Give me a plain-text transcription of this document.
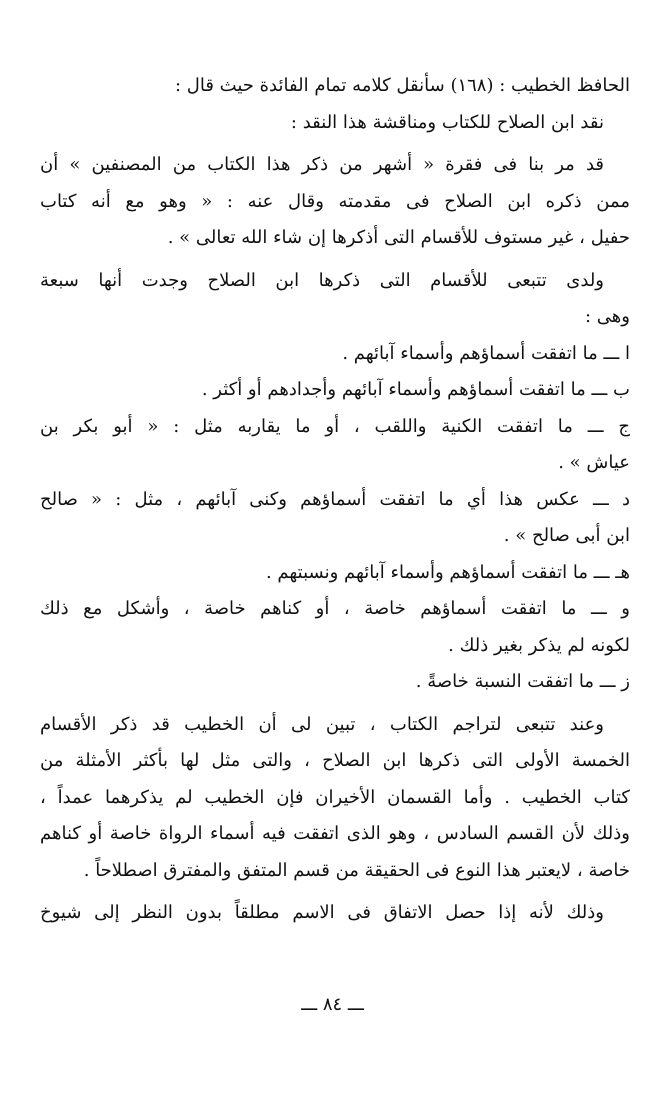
الحافظ الخطيب : (١٦٨) سأنقل كلامه تمام الفائدة حيث قال :
نقد ابن الصلاح للكتاب ومناقشة هذا النقد :
قد مر بنا فى فقرة « أشهر من ذكر هذا الكتاب من المصنفين » أن
ممن ذكره ابن الصلاح فى مقدمته وقال عنه : « وهو مع أنه كتاب
حفيل ، غير مستوف للأقسام التى أذكرها إن شاء الله تعالى » .
ولدى تتبعى للأقسام التى ذكرها ابن الصلاح وجدت أنها سبعة
وهى :
ا ـــ ما اتفقت أسماؤهم وأسماء آبائهم .
ب ـــ ما اتفقت أسماؤهم وأسماء آبائهم وأجدادهم أو أكثر .
ج ـــ ما اتفقت الكنية واللقب ، أو ما يقاربه مثل : « أبو بكر بن
عياش » .
د ـــ عكس هذا أي ما اتفقت أسماؤهم وكنى آبائهم ، مثل : « صالح
ابن أبى صالح » .
هـ ـــ ما اتفقت أسماؤهم وأسماء آبائهم ونسبتهم .
و ـــ ما اتفقت أسماؤهم خاصة ، أو كناهم خاصة ، وأشكل مع ذلك
لكونه لم يذكر بغير ذلك .
ز ـــ ما اتفقت النسبة خاصةً .
وعند تتبعى لتراجم الكتاب ، تبين لى أن الخطيب قد ذكر الأقسام
الخمسة الأولى التى ذكرها ابن الصلاح ، والتى مثل لها بأكثر الأمثلة من
كتاب الخطيب . وأما القسمان الأخيران فإن الخطيب لم يذكرهما عمداً ،
وذلك لأن القسم السادس ، وهو الذى اتفقت فيه أسماء الرواة خاصة أو كناهم
خاصة ، لايعتبر هذا النوع فى الحقيقة من قسم المتفق والمفترق اصطلاحاً .
وذلك لأنه إذا حصل الاتفاق فى الاسم مطلقاً بدون النظر إلى شيوخ
ـــ ٨٤ ـــ
